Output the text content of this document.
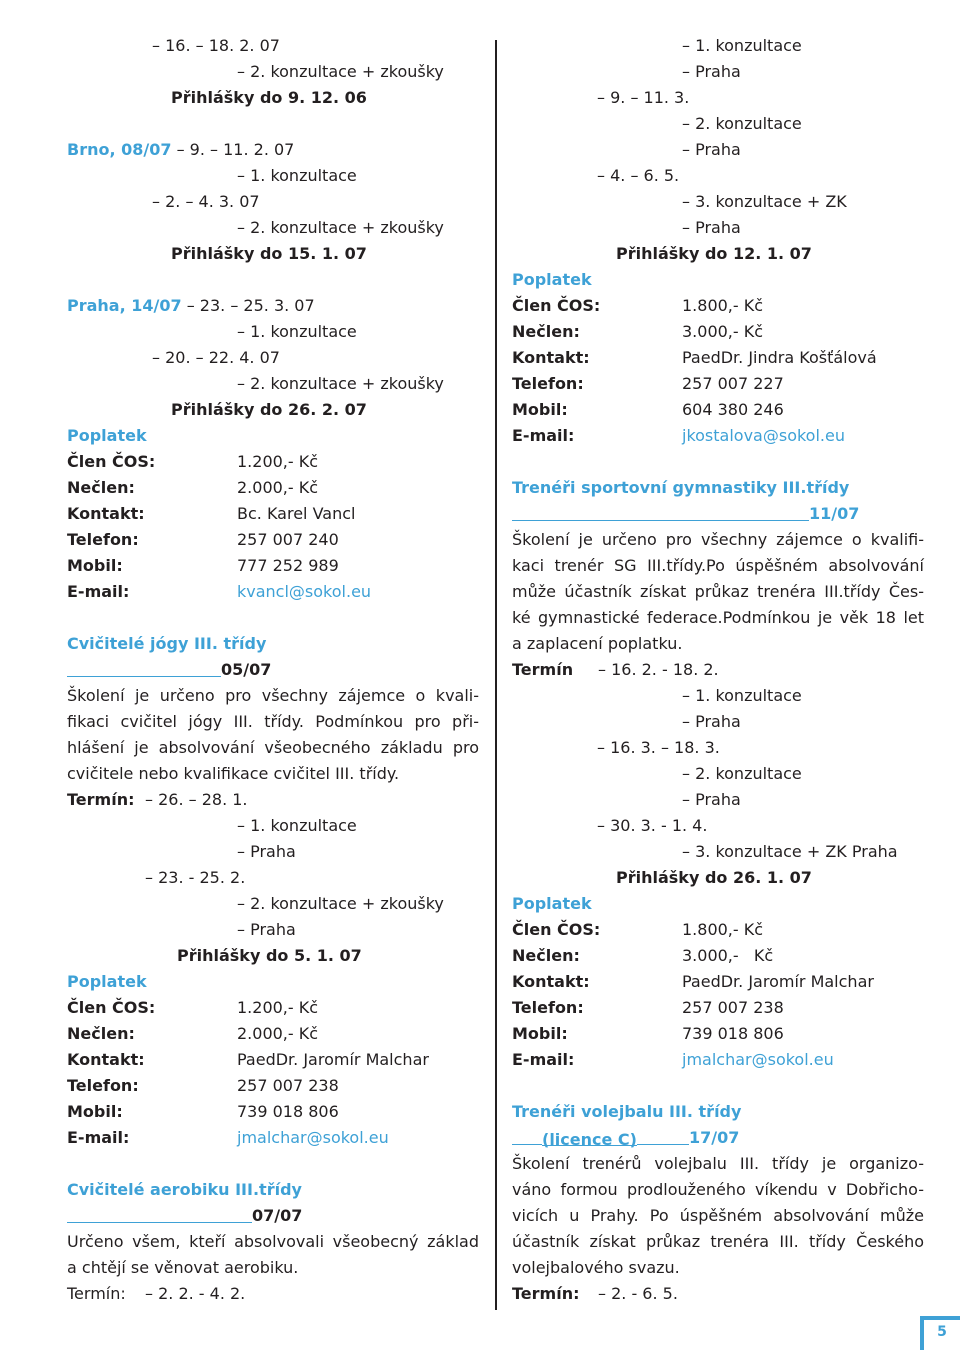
– 16. – 18. 2. 07
– 2. konzultace + zkoušky
Přihlášky do 9. 12. 06
Brno, 08/07 – 9. – 11. 2. 07
– 1. konzultace
– 2. – 4. 3. 07
– 2. konzultace + zkoušky
Přihlášky do 15. 1. 07
Praha, 14/07 – 23. – 25. 3. 07
– 1. konzultace
– 20. – 22. 4. 07
– 2. konzultace + zkoušky
Přihlášky do 26. 2. 07
Poplatek
Člen ČOS:	1.200,- Kč
Nečlen:	2.000,- Kč
Kontakt:	Bc. Karel Vancl
Telefon:	257 007 240
Mobil:	777 252 989
E-mail:	kvancl@sokol.eu
Cvičitelé jógy III. třídy
05/07
Školení je určeno pro všechny zájemce o kvali-
fikaci cvičitel jógy III. třídy. Podmínkou pro při-
hlášení je absolvování všeobecného základu pro
cvičitele nebo kvalifikace cvičitel III. třídy.
Termín: – 26. – 28. 1.
– 1. konzultace
– Praha
– 23. - 25. 2.
– 2. konzultace + zkoušky
– Praha
Přihlášky do 5. 1. 07
Poplatek
Člen ČOS:	1.200,- Kč
Nečlen:	2.000,- Kč
Kontakt:	PaedDr. Jaromír Malchar
Telefon:	257 007 238
Mobil:	739 018 806
E-mail:	jmalchar@sokol.eu
Cvičitelé aerobiku III.třídy
07/07
Určeno všem, kteří absolvovali všeobecný základ
a chtějí se věnovat aerobiku.
Termín: – 2. 2. - 4. 2.
– 1. konzultace
– Praha
– 9. – 11. 3.
– 2. konzultace
– Praha
– 4. – 6. 5.
– 3. konzultace + ZK
– Praha
Přihlášky do 12. 1. 07
Poplatek
Člen ČOS:	1.800,- Kč
Nečlen:	3.000,- Kč
Kontakt:	PaedDr. Jindra Košťálová
Telefon:	257 007 227
Mobil:	604 380 246
E-mail:	jkostalova@sokol.eu
Trenéři sportovní gymnastiky III.třídy
11/07
Školení je určeno pro všechny zájemce o kvalifi-
kaci trenér SG III.třídy.Po úspěšném absolvování
může účastník získat průkaz trenéra III.třídy Čes-
ké gymnastické federace.Podmínkou je věk 18 let
a zaplacení poplatku.
Termín – 16. 2. - 18. 2.
– 1. konzultace
– Praha
– 16. 3. – 18. 3.
– 2. konzultace
– Praha
– 30. 3. - 1. 4.
– 3. konzultace + ZK Praha
Přihlášky do 26. 1. 07
Poplatek
Člen ČOS:	1.800,- Kč
Nečlen:	3.000,-   Kč
Kontakt:	PaedDr. Jaromír Malchar
Telefon:	257 007 238
Mobil:	739 018 806
E-mail:	jmalchar@sokol.eu
Trenéři volejbalu III. třídy
(licence C)	17/07
Školení trenérů volejbalu III. třídy je organizo-
váno formou prodlouženého víkendu v Dobřicho-
vicích u Prahy. Po úspěšném absolvování může
účastník získat průkaz trenéra III. třídy Českého
volejbalového svazu.
Termín: – 2. - 6. 5.
5
